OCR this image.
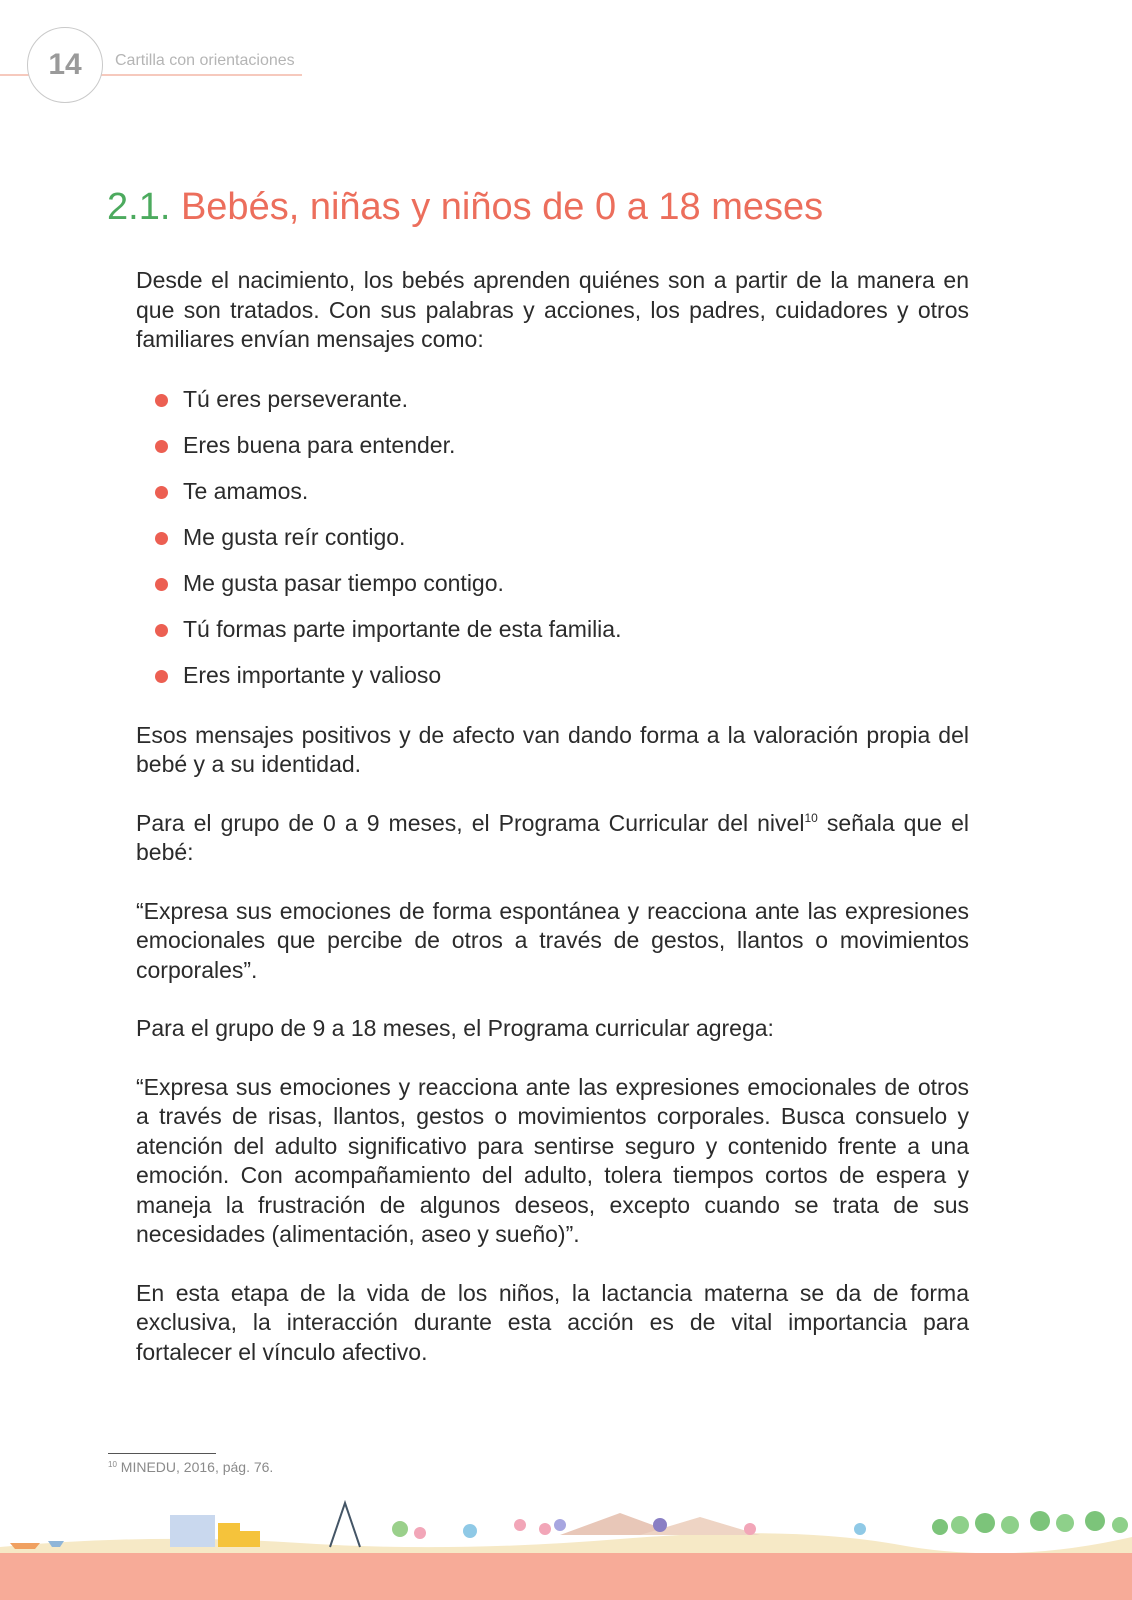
14	Cartilla con orientaciones
2.1. Bebés, niñas y niños de 0 a 18 meses

Desde el nacimiento, los bebés aprenden quiénes son a partir de la manera en que son tratados. Con sus palabras y acciones, los padres, cuidadores y otros familiares envían mensajes como:

Tú eres perseverante.
Eres buena para entender.
Te amamos.
Me gusta reír contigo.
Me gusta pasar tiempo contigo.
Tú formas parte importante de esta familia.
Eres importante y valioso

Esos mensajes positivos y de afecto van dando forma a la valoración propia del bebé y a su identidad.

Para el grupo de 0 a 9 meses, el Programa Curricular del nivel$^{10}$ señala que el bebé:

“Expresa sus emociones de forma espontánea y reacciona ante las expresiones emocionales que percibe de otros a través de gestos, llantos o movimientos corporales”.

Para el grupo de 9 a 18 meses, el Programa curricular agrega:

“Expresa sus emociones y reacciona ante las expresiones emocionales de otros a través de risas, llantos, gestos o movimientos corporales. Busca consuelo y atención del adulto significativo para sentirse seguro y contenido frente a una emoción. Con acompañamiento del adulto, tolera tiempos cortos de espera y maneja la frustración de algunos deseos, excepto cuando se trata de sus necesidades (alimentación, aseo y sueño)”.

En esta etapa de la vida de los niños, la lactancia materna se da de forma exclusiva, la interacción durante esta acción es de vital importancia para fortalecer el vínculo afectivo.

$^{10}$ MINEDU, 2016, pág. 76.
